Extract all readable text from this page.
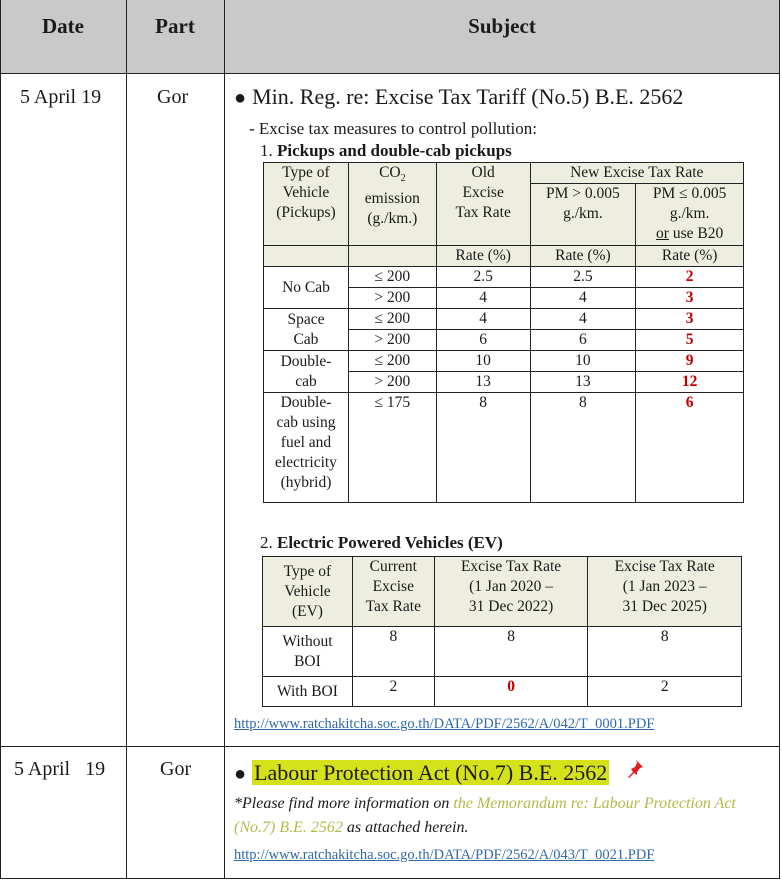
Date	Part	Subject
5 April 19	Gor ● Min. Reg. re: Excise Tax Tariff (No.5) B.E. 2562
- Excise tax measures to control pollution:
1. Pickups and double-cab pickups
Type of
Vehicle
(Pickups)	$CO_2$
emission
(g./km.)	Old
Excise
Tax Rate	New Excise Tax Rate	
			PM > 0.005
g./km.	PM ≤ 0.005
g./km.
or use B20
		Rate (%)	Rate (%)	Rate (%)
No Cab	≤ 200	2.5	2.5	2
	> 200	4	4	3
Space
Cab	≤ 200	4	4	3
	> 200	6	6	5
Double-
cab	≤ 200	10	10	9
	> 200	13	13	12
Double-
cab using
fuel and
electricity
(hybrid)	≤ 175	8	8	6
2. Electric Powered Vehicles (EV)
Type of
Vehicle
(EV)	Current
Excise
Tax Rate	Excise Tax Rate
(1 Jan 2020 –
31 Dec 2022)	Excise Tax Rate
(1 Jan 2023 –
31 Dec 2025)
Without
BOI	8	8	8
With BOI	2	0	2
http://www.ratchakitcha.soc.go.th/DATA/PDF/2562/A/042/T_0001.PDF
5 April   19	Gor ● Labour Protection Act (No.7) B.E. 2562
*Please find more information on the Memorandum re: Labour Protection Act
(No.7) B.E. 2562 as attached herein.
http://www.ratchakitcha.soc.go.th/DATA/PDF/2562/A/043/T_0021.PDF
